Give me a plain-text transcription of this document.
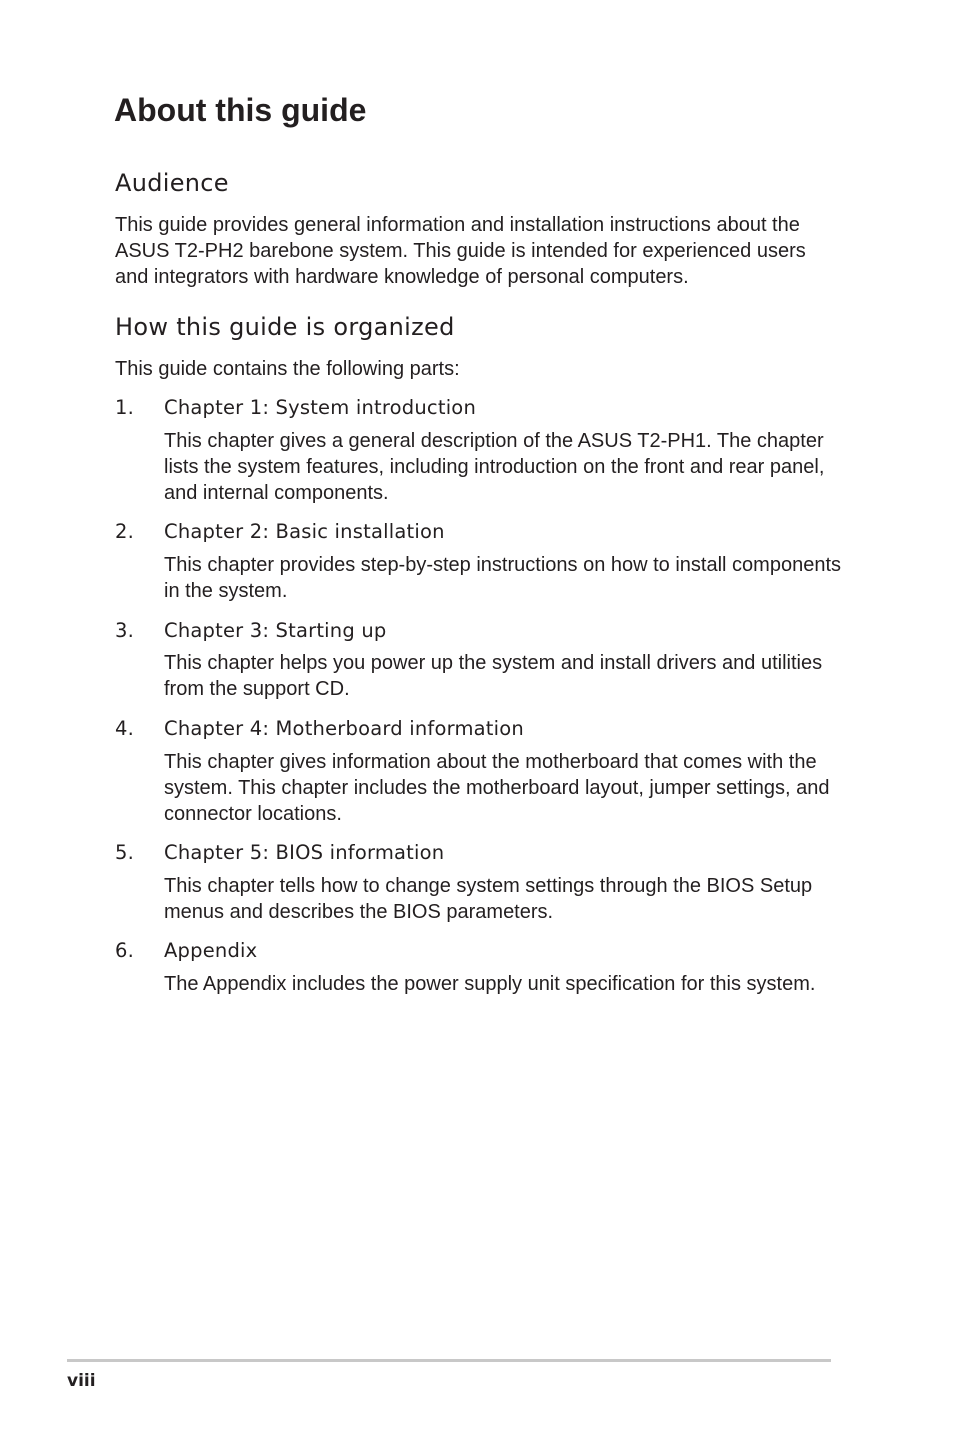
About this guide
Audience

This guide provides general information and installation instructions about the ASUS T2-PH2 barebone system. This guide is intended for experienced users and integrators with hardware knowledge of personal computers.

How this guide is organized

This guide contains the following parts:

1. Chapter 1: System introduction

This chapter gives a general description of the ASUS T2-PH1. The chapter lists the system features, including introduction on the front and rear panel, and internal components.

2. Chapter 2: Basic installation

This chapter provides step-by-step instructions on how to install components in the system.

3. Chapter 3: Starting up

This chapter helps you power up the system and install drivers and utilities from the support CD.

4. Chapter 4: Motherboard information

This chapter gives information about the motherboard that comes with the system. This chapter includes the motherboard layout, jumper settings, and connector locations.

5. Chapter 5: BIOS information

This chapter tells how to change system settings through the BIOS Setup menus and describes the BIOS parameters.

6. Appendix

The Appendix includes the power supply unit specification for this system.

viii
